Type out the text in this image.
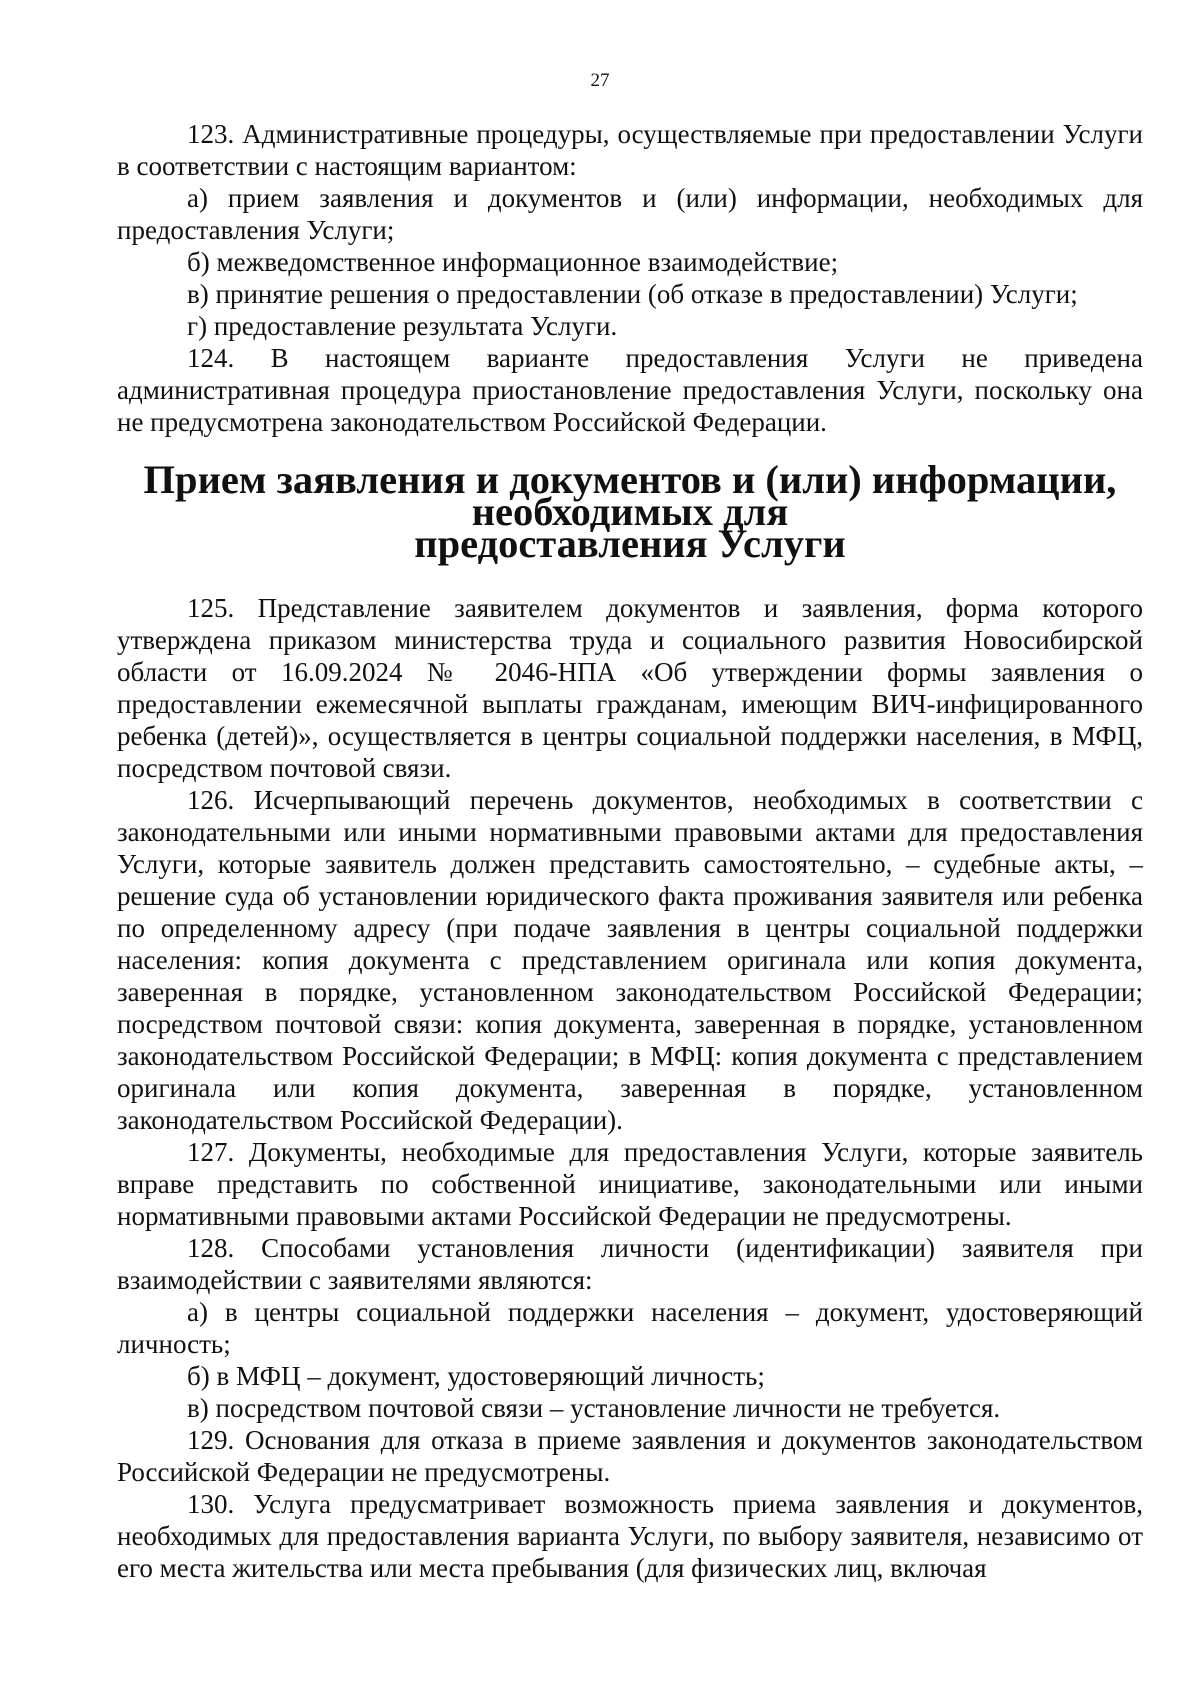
27

123. Административные процедуры, осуществляемые при предоставлении Услуги в соответствии с настоящим вариантом:

а) прием заявления и документов и (или) информации, необходимых для предоставления Услуги;

б) межведомственное информационное взаимодействие;

в) принятие решения о предоставлении (об отказе в предоставлении) Услуги;

г) предоставление результата Услуги.

124. В настоящем варианте предоставления Услуги не приведена административная процедура приостановление предоставления Услуги, поскольку она не предусмотрена законодательством Российской Федерации.

Прием заявления и документов и (или) информации, необходимых для
предоставления Услуги

125. Представление заявителем документов и заявления, форма которого утверждена приказом министерства труда и социального развития Новосибирской области от 16.09.2024 № 2046-НПА «Об утверждении формы заявления о предоставлении ежемесячной выплаты гражданам, имеющим ВИЧ-инфицированного ребенка (детей)», осуществляется в центры социальной поддержки населения, в МФЦ, посредством почтовой связи.

126. Исчерпывающий перечень документов, необходимых в соответствии с законодательными или иными нормативными правовыми актами для предоставления Услуги, которые заявитель должен представить самостоятельно, – судебные акты, – решение суда об установлении юридического факта проживания заявителя или ребенка по определенному адресу (при подаче заявления в центры социальной поддержки населения: копия документа с представлением оригинала или копия документа, заверенная в порядке, установленном законодательством Российской Федерации; посредством почтовой связи: копия документа, заверенная в порядке, установленном законодательством Российской Федерации; в МФЦ: копия документа с представлением оригинала или копия документа, заверенная в порядке, установленном законодательством Российской Федерации).

127. Документы, необходимые для предоставления Услуги, которые заявитель вправе представить по собственной инициативе, законодательными или иными нормативными правовыми актами Российской Федерации не предусмотрены.

128. Способами установления личности (идентификации) заявителя при взаимодействии с заявителями являются:

а) в центры социальной поддержки населения – документ, удостоверяющий личность;

б) в МФЦ – документ, удостоверяющий личность;

в) посредством почтовой связи – установление личности не требуется.

129. Основания для отказа в приеме заявления и документов законодательством Российской Федерации не предусмотрены.

130. Услуга предусматривает возможность приема заявления и документов, необходимых для предоставления варианта Услуги, по выбору заявителя, независимо от его места жительства или места пребывания (для физических лиц, включая
